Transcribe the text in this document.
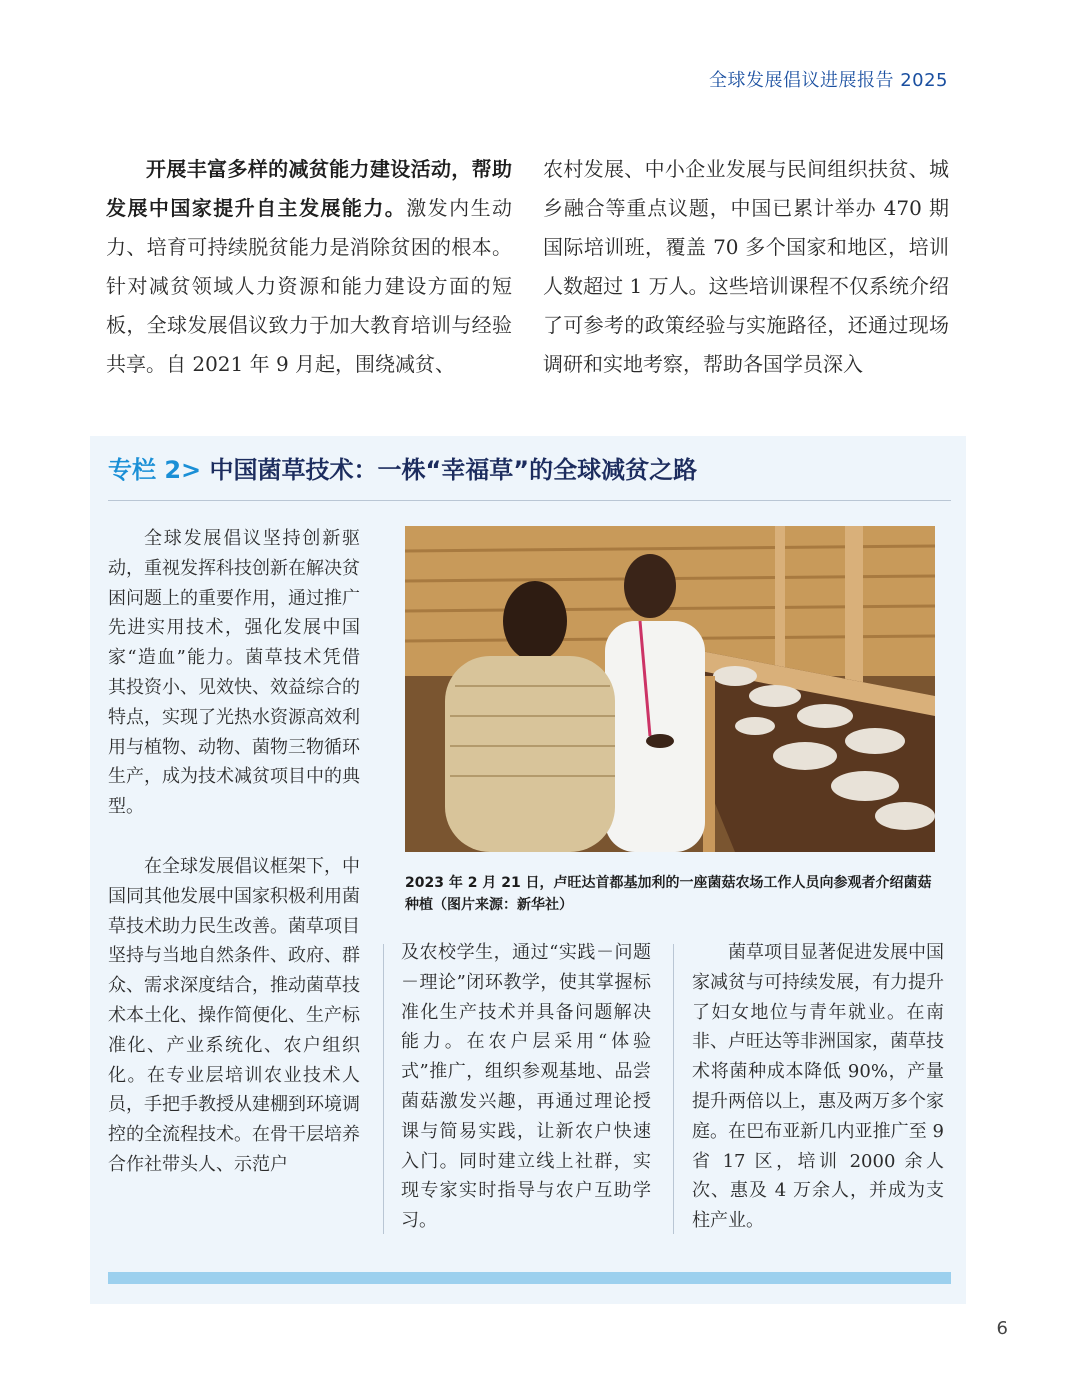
全球发展倡议进展报告 2025

开展丰富多样的减贫能力建设活动，帮助发展中国家提升自主发展能力。激发内生动力、培育可持续脱贫能力是消除贫困的根本。针对减贫领域人力资源和能力建设方面的短板，全球发展倡议致力于加大教育培训与经验共享。自 2021 年 9 月起，围绕减贫、

农村发展、中小企业发展与民间组织扶贫、城乡融合等重点议题，中国已累计举办 470 期国际培训班，覆盖 70 多个国家和地区，培训人数超过 1 万人。这些培训课程不仅系统介绍了可参考的政策经验与实施路径，还通过现场调研和实地考察，帮助各国学员深入

专栏 2> 中国菌草技术：一株“幸福草”的全球减贫之路

全球发展倡议坚持创新驱动，重视发挥科技创新在解决贫困问题上的重要作用，通过推广先进实用技术，强化发展中国家“造血”能力。菌草技术凭借其投资小、见效快、效益综合的特点，实现了光热水资源高效利用与植物、动物、菌物三物循环生产，成为技术减贫项目中的典型。

在全球发展倡议框架下，中国同其他发展中国家积极利用菌草技术助力民生改善。菌草项目坚持与当地自然条件、政府、群众、需求深度结合，推动菌草技术本土化、操作简便化、生产标准化、产业系统化、农户组织化。在专业层培训农业技术人员，手把手教授从建棚到环境调控的全流程技术。在骨干层培养合作社带头人、示范户

2023 年 2 月 21 日，卢旺达首都基加利的一座菌菇农场工作人员向参观者介绍菌菇种植（图片来源：新华社）

及农校学生，通过“实践－问题－理论”闭环教学，使其掌握标准化生产技术并具备问题解决能力。在农户层采用“体验式”推广，组织参观基地、品尝菌菇激发兴趣，再通过理论授课与简易实践，让新农户快速入门。同时建立线上社群，实现专家实时指导与农户互助学习。

菌草项目显著促进发展中国家减贫与可持续发展，有力提升了妇女地位与青年就业。在南非、卢旺达等非洲国家，菌草技术将菌种成本降低 90%，产量提升两倍以上，惠及两万多个家庭。在巴布亚新几内亚推广至 9 省 17 区，培训 2000 余人次、惠及 4 万余人，并成为支柱产业。

6
